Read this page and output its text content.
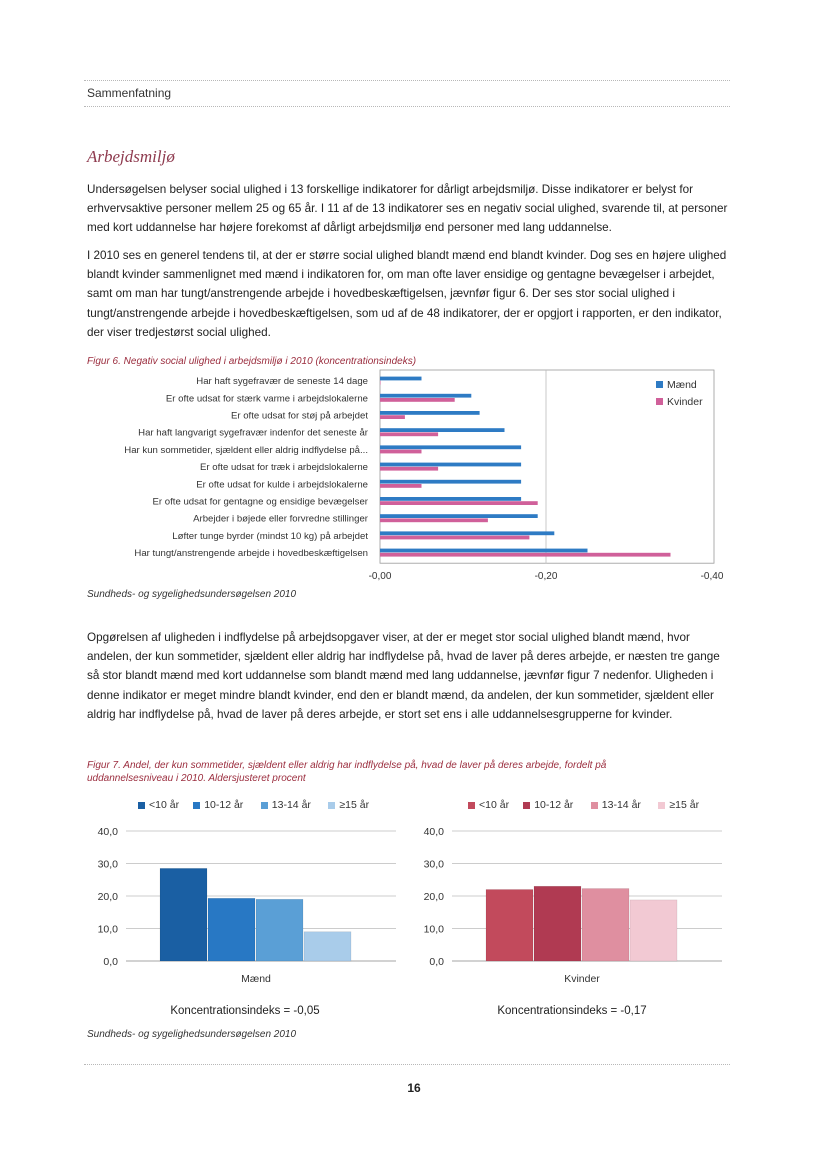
Sammenfatning
Arbejdsmiljø
Undersøgelsen belyser social ulighed i 13 forskellige indikatorer for dårligt arbejdsmiljø. Disse indikatorer er belyst for erhvervsaktive personer mellem 25 og 65 år. I 11 af de 13 indikatorer ses en negativ social ulighed, svarende til, at personer med kort uddannelse har højere forekomst af dårligt arbejdsmiljø end personer med lang uddannelse.
I 2010 ses en generel tendens til, at der er større social ulighed blandt mænd end blandt kvinder. Dog ses en højere ulighed blandt kvinder sammenlignet med mænd i indikatoren for, om man ofte laver ensidige og gentagne bevægelser i arbejdet, samt om man har tungt/anstrengende arbejde i hovedbeskæftigelsen, jævnfør figur 6. Der ses stor social ulighed i tungt/anstrengende arbejde i hovedbeskæftigelsen, som ud af de 48 indikatorer, der er opgjort i rapporten, er den indikator, der viser tredjestørst social ulighed.
Figur 6. Negativ social ulighed i arbejdsmiljø i 2010 (koncentrationsindeks)
Har haft sygefravær de seneste 14 dage
Er ofte udsat for stærk varme i arbejdslokalerne
Er ofte udsat for støj på arbejdet
Har haft langvarigt sygefravær indenfor det seneste år
Har kun sommetider, sjældent eller aldrig indflydelse på...
Er ofte udsat for træk i arbejdslokalerne
Er ofte udsat for kulde i arbejdslokalerne
Er ofte udsat for gentagne og ensidige bevægelser
Arbejder i bøjede eller forvredne stillinger
Løfter tunge byrder (mindst 10 kg) på arbejdet
Har tungt/anstrengende arbejde i hovedbeskæftigelsen
-0,00	-0,20	-0,40
Mænd
Kvinder
Sundheds- og sygelighedsundersøgelsen 2010
Opgørelsen af uligheden i indflydelse på arbejdsopgaver viser, at der er meget stor social ulighed blandt mænd, hvor andelen, der kun sommetider, sjældent eller aldrig har indflydelse på, hvad de laver på deres arbejde, er næsten tre gange så stor blandt mænd med kort uddannelse som blandt mænd med lang uddannelse, jævnfør figur 7 nedenfor. Uligheden i denne indikator er meget mindre blandt kvinder, end den er blandt mænd, da andelen, der kun sommetider, sjældent eller aldrig har indflydelse på, hvad de laver på deres arbejde, er stort set ens i alle uddannelsesgrupperne for kvinder.
Figur 7. Andel, der kun sommetider, sjældent eller aldrig har indflydelse på, hvad de laver på deres arbejde, fordelt på
uddannelsesniveau i 2010. Aldersjusteret procent
<10 år 10-12 år	13-14 år	≥15 år	<10 år 10-12 år	13-14 år	≥15 år
0,0
10,0
20,0
30,0
40,0
Mænd
0,0
10,0
20,0
30,0
40,0
Kvinder
Koncentrationsindeks = -0,05	Koncentrationsindeks = -0,17
Sundheds- og sygelighedsundersøgelsen 2010
16
